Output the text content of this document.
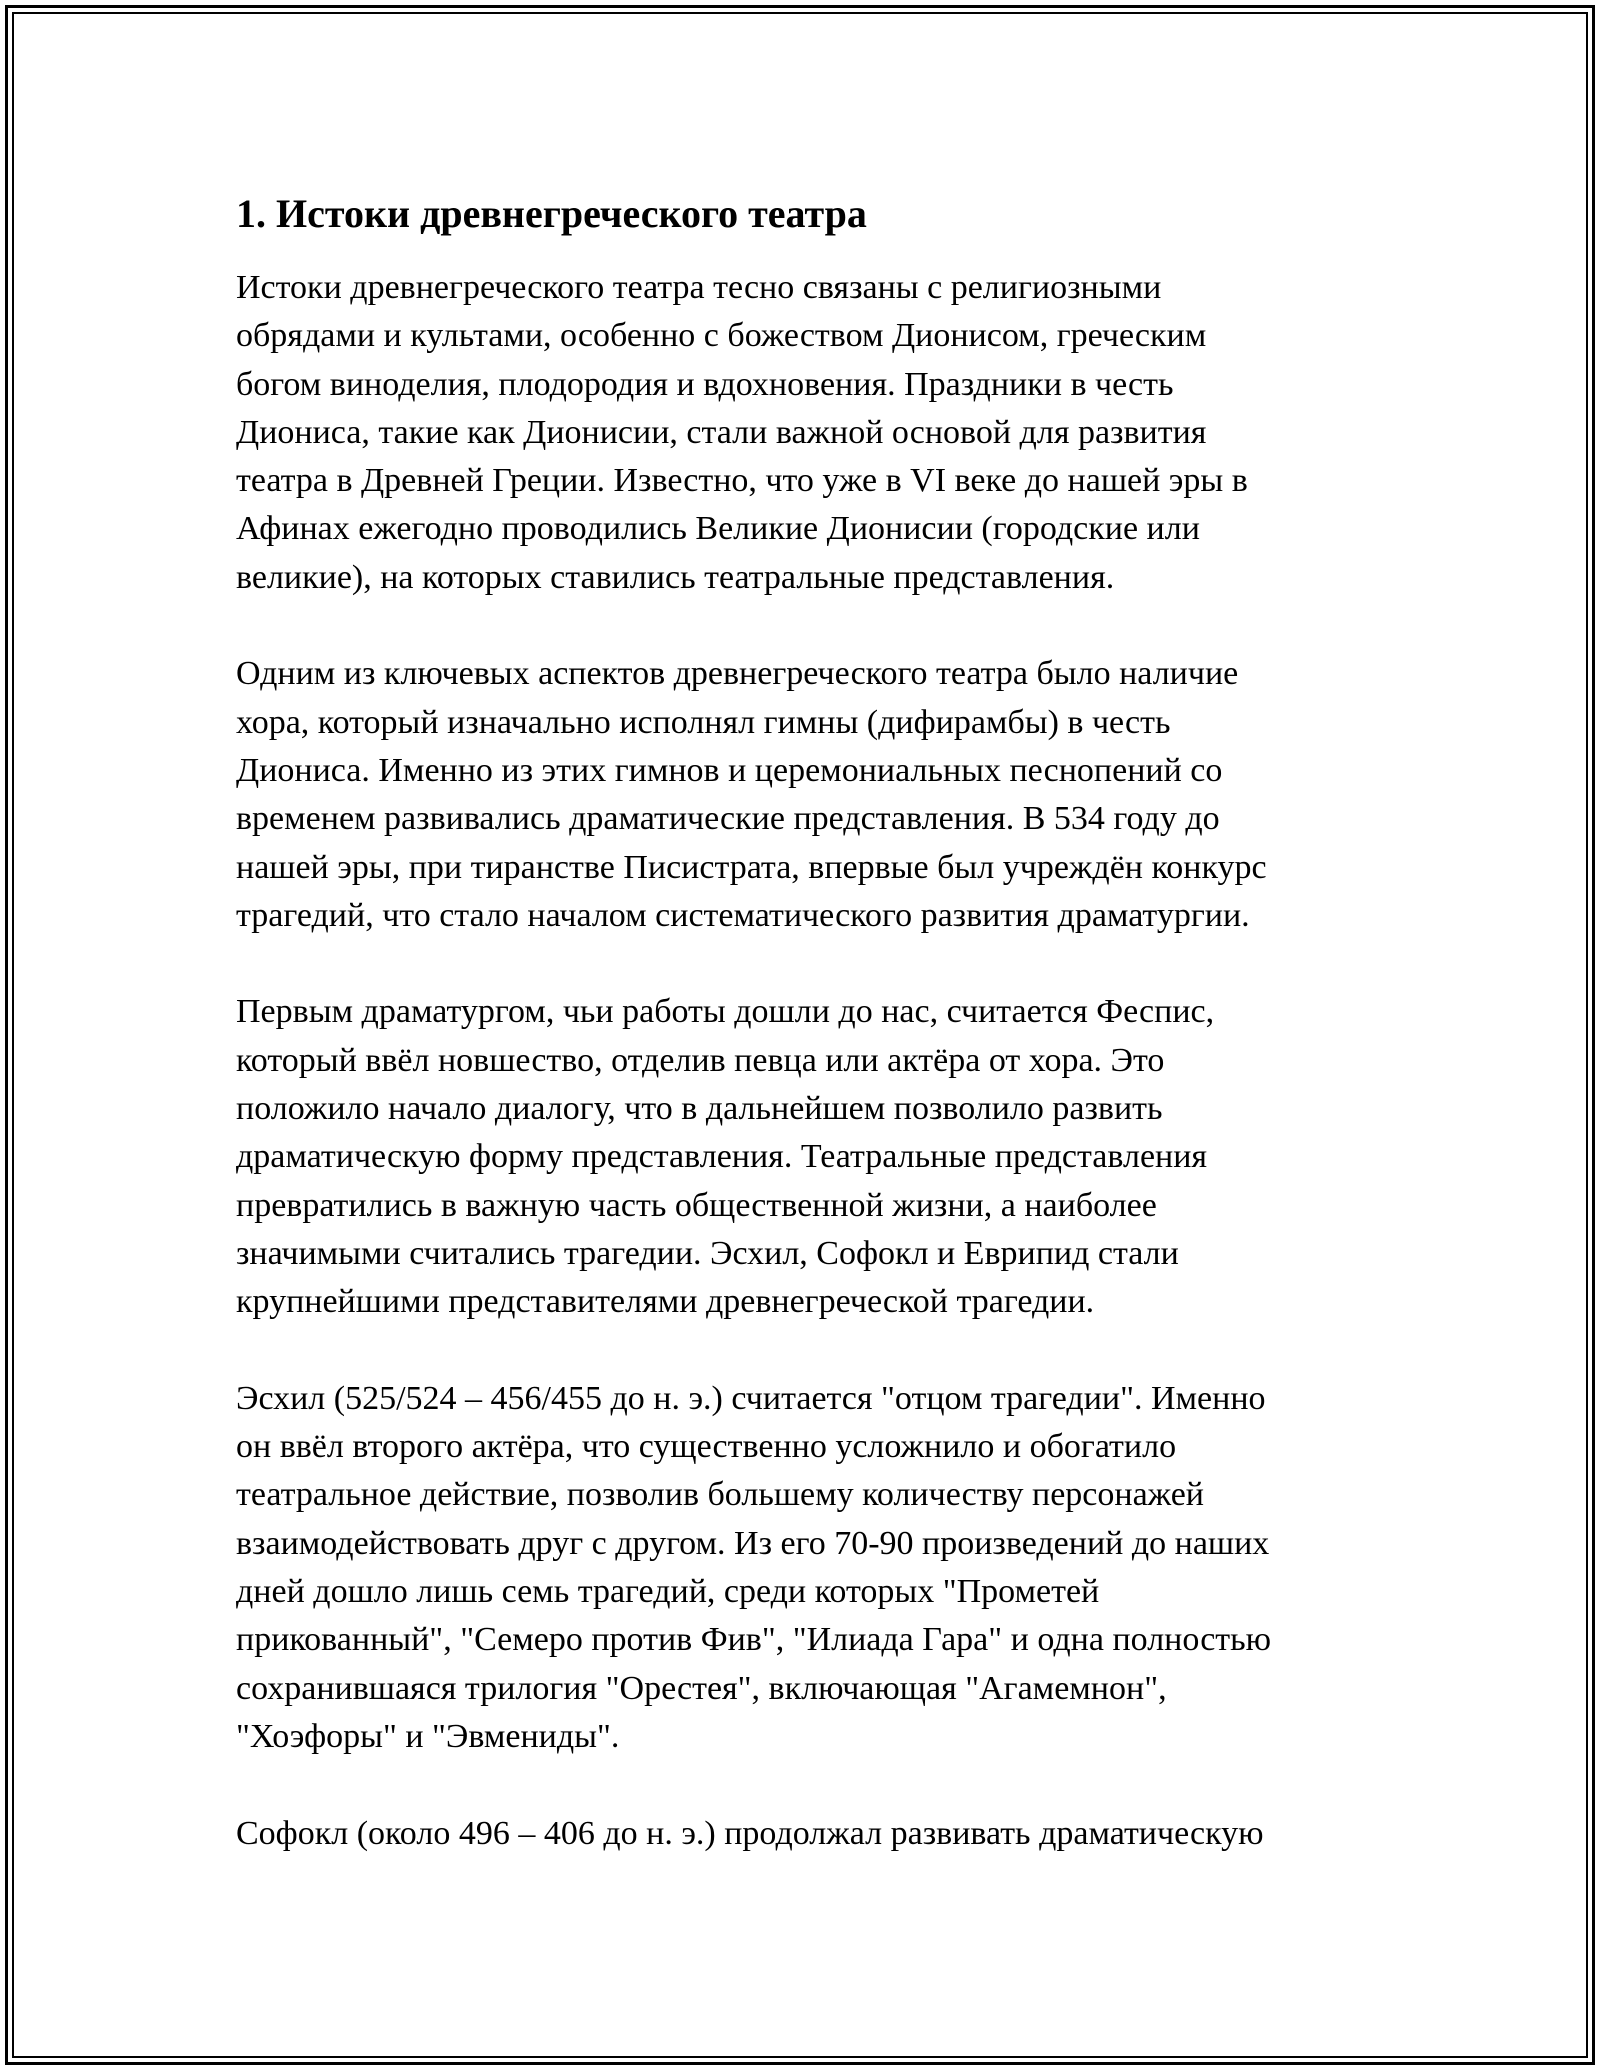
1. Истоки древнегреческого театра
Истоки древнегреческого театра тесно связаны с религиозными
обрядами и культами, особенно с божеством Дионисом, греческим
богом виноделия, плодородия и вдохновения. Праздники в честь
Диониса, такие как Дионисии, стали важной основой для развития
театра в Древней Греции. Известно, что уже в VI веке до нашей эры в
Афинах ежегодно проводились Великие Дионисии (городские или
великие), на которых ставились театральные представления.
Одним из ключевых аспектов древнегреческого театра было наличие
хора, который изначально исполнял гимны (дифирамбы) в честь
Диониса. Именно из этих гимнов и церемониальных песнопений со
временем развивались драматические представления. В 534 году до
нашей эры, при тиранстве Писистрата, впервые был учреждён конкурс
трагедий, что стало началом систематического развития драматургии.
Первым драматургом, чьи работы дошли до нас, считается Феспис,
который ввёл новшество, отделив певца или актёра от хора. Это
положило начало диалогу, что в дальнейшем позволило развить
драматическую форму представления. Театральные представления
превратились в важную часть общественной жизни, а наиболее
значимыми считались трагедии. Эсхил, Софокл и Еврипид стали
крупнейшими представителями древнегреческой трагедии.
Эсхил (525/524 – 456/455 до н. э.) считается "отцом трагедии". Именно
он ввёл второго актёра, что существенно усложнило и обогатило
театральное действие, позволив большему количеству персонажей
взаимодействовать друг с другом. Из его 70-90 произведений до наших
дней дошло лишь семь трагедий, среди которых "Прометей
прикованный", "Семеро против Фив", "Илиада Гара" и одна полностью
сохранившаяся трилогия "Орестея", включающая "Агамемнон",
"Хоэфоры" и "Эвмениды".
Софокл (около 496 – 406 до н. э.) продолжал развивать драматическую
